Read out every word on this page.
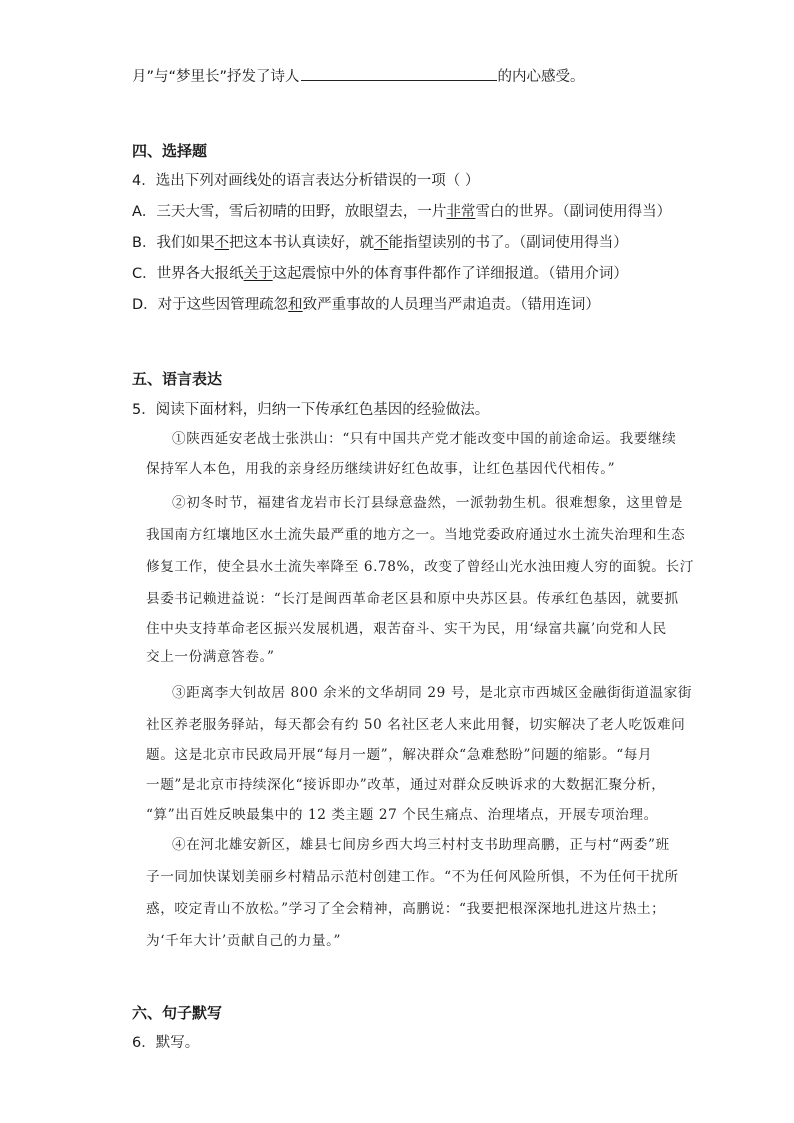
月”与“梦里长”抒发了诗人	的内心感受。
四、选择题
4．选出下列对画线处的语言表达分析错误的一项（ ）
A．三天大雪，雪后初晴的田野，放眼望去，一片非常雪白的世界。（副词使用得当）
B．我们如果不把这本书认真读好，就不能指望读别的书了。（副词使用得当）
C．世界各大报纸关于这起震惊中外的体育事件都作了详细报道。（错用介词）
D．对于这些因管理疏忽和致严重事故的人员理当严肃追责。（错用连词）
五、语言表达
5．阅读下面材料，归纳一下传承红色基因的经验做法。
①陕西延安老战士张洪山：“只有中国共产党才能改变中国的前途命运。我要继续
保持军人本色，用我的亲身经历继续讲好红色故事，让红色基因代代相传。”
②初冬时节，福建省龙岩市长汀县绿意盎然，一派勃勃生机。很难想象，这里曾是
我国南方红壤地区水土流失最严重的地方之一。当地党委政府通过水土流失治理和生态
修复工作，使全县水土流失率降至 6.78%，改变了曾经山光水浊田瘦人穷的面貌。长汀
县委书记赖进益说：“长汀是闽西革命老区县和原中央苏区县。传承红色基因，就要抓
住中央支持革命老区振兴发展机遇，艰苦奋斗、实干为民，用‘绿富共赢’向党和人民
交上一份满意答卷。”
③距离李大钊故居 800 余米的文华胡同 29 号，是北京市西城区金融街街道温家街
社区养老服务驿站，每天都会有约 50 名社区老人来此用餐，切实解决了老人吃饭难问
题。这是北京市民政局开展“每月一题”，解决群众“急难愁盼”问题的缩影。“每月
一题”是北京市持续深化“接诉即办”改革，通过对群众反映诉求的大数据汇聚分析，
“算”出百姓反映最集中的 12 类主题 27 个民生痛点、治理堵点，开展专项治理。
④在河北雄安新区，雄县七间房乡西大坞三村村支书助理高鹏，正与村“两委”班
子一同加快谋划美丽乡村精品示范村创建工作。“不为任何风险所惧，不为任何干扰所
惑，咬定青山不放松。”学习了全会精神，高鹏说：“我要把根深深地扎进这片热土；
为‘千年大计’贡献自己的力量。”
六、句子默写
6．默写。
